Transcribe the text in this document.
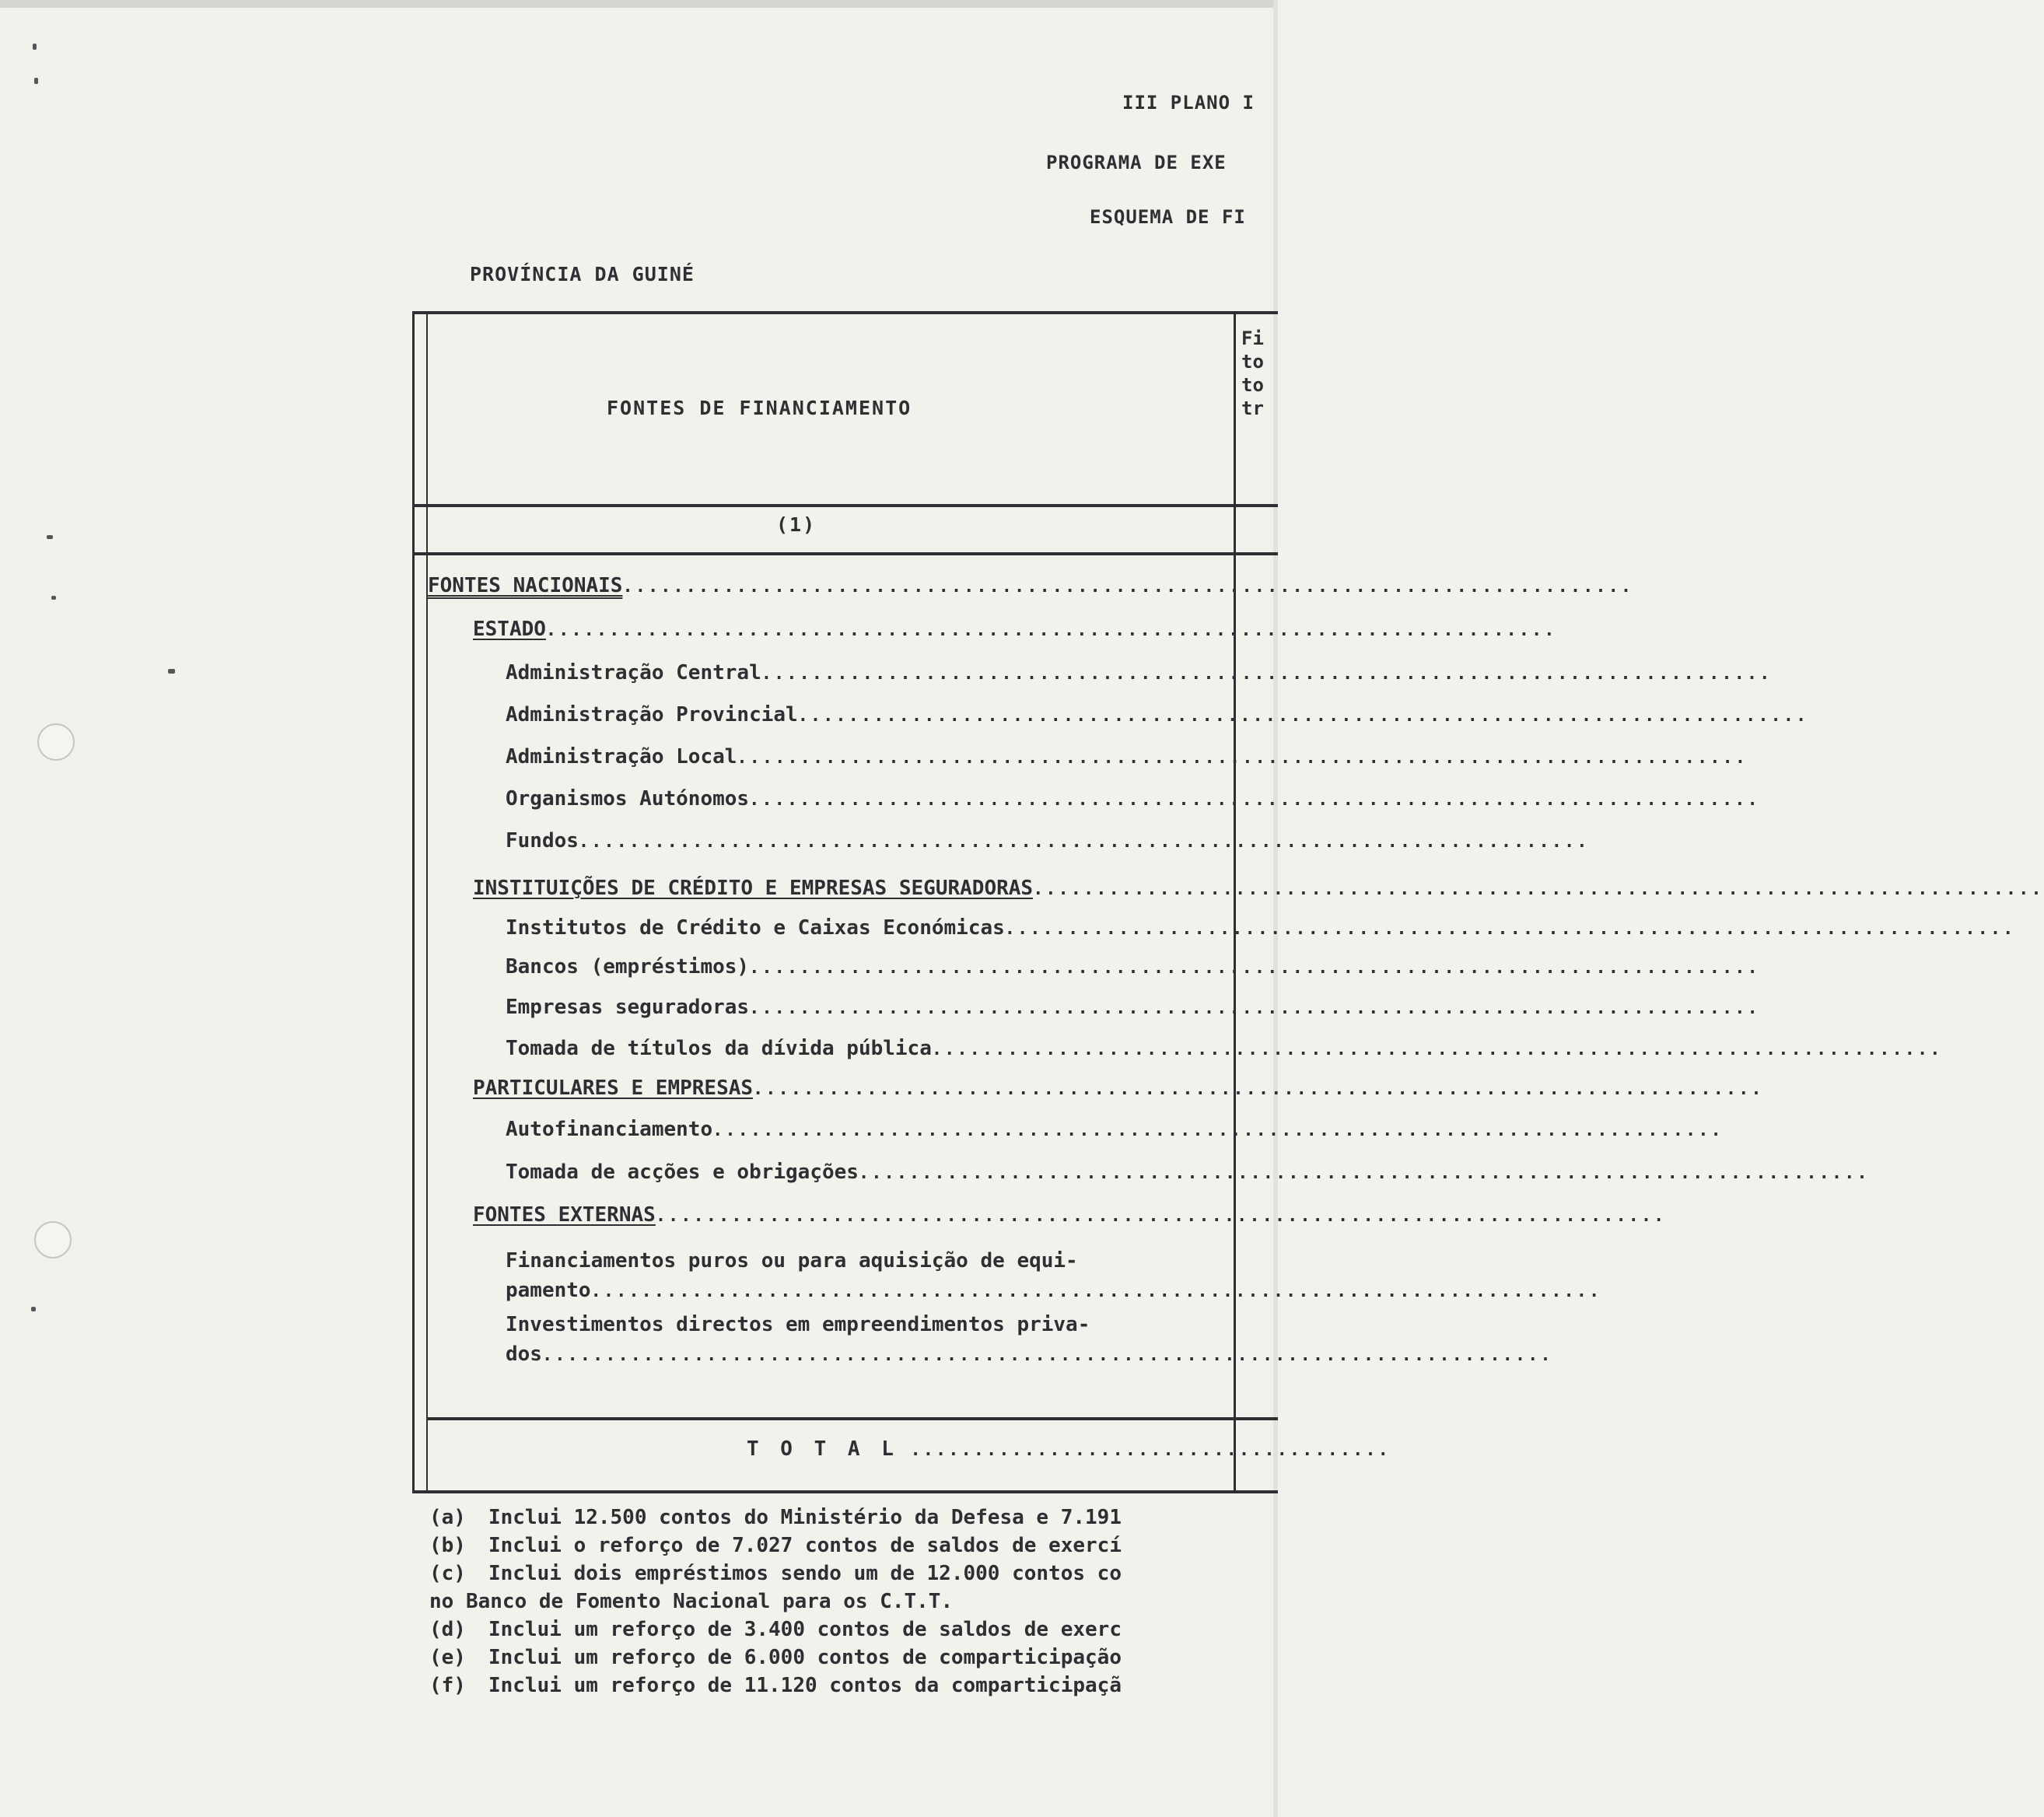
III PLANO I
PROGRAMA DE EXE
ESQUEMA DE FI
PROVÍNCIA DA GUINÉ
FONTES DE FINANCIAMENTO
(1)
Fi
to
to
tr
FONTES NACIONAIS................................................................................
ESTADO................................................................................
Administração Central................................................................................
Administração Provincial................................................................................
Administração Local................................................................................
Organismos Autónomos................................................................................
Fundos................................................................................
INSTITUIÇÕES DE CRÉDITO E EMPRESAS SEGURADORAS................................................................................
Institutos de Crédito e Caixas Económicas................................................................................
Bancos (empréstimos)................................................................................
Empresas seguradoras................................................................................
Tomada de títulos da dívida pública................................................................................
PARTICULARES E EMPRESAS................................................................................
Autofinanciamento................................................................................
Tomada de acções e obrigações................................................................................
FONTES EXTERNAS................................................................................
Financiamentos puros ou para aquisição de equi-
pamento................................................................................
Investimentos directos em empreendimentos priva-
dos................................................................................
T O T A L ......................................
(a) Inclui 12.500 contos do Ministério da Defesa e 7.191
(b) Inclui o reforço de 7.027 contos de saldos de exercí
(c) Inclui dois empréstimos sendo um de 12.000 contos co
no Banco de Fomento Nacional para os C.T.T.
(d) Inclui um reforço de 3.400 contos de saldos de exerc
(e) Inclui um reforço de 6.000 contos de comparticipação
(f) Inclui um reforço de 11.120 contos da comparticipaçã
